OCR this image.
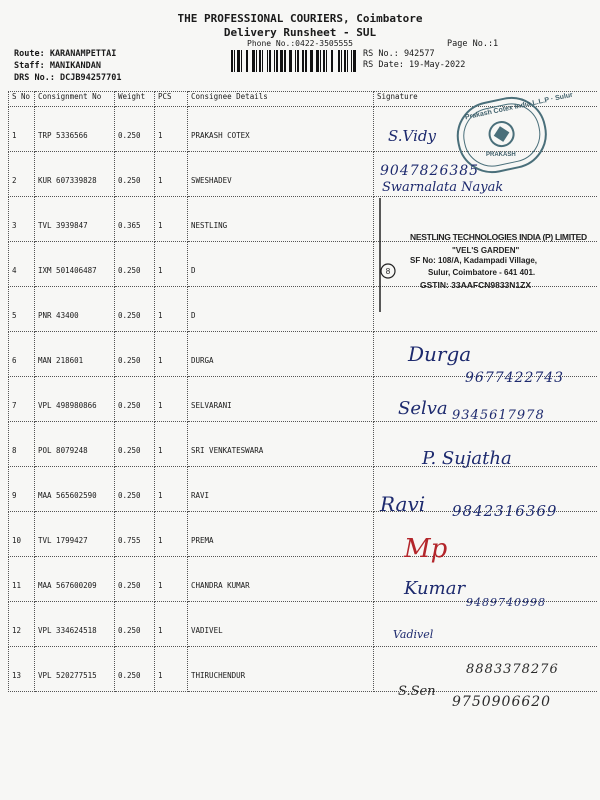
THE PROFESSIONAL COURIERS, Coimbatore
Delivery Runsheet - SUL
Phone No.:0422-3505555	Page No.:1
Route: KARANAMPETTAI
Staff: MANIKANDAN
DRS No.: DCJB94257701
RS No.: 942577
RS Date: 19-May-2022
S No	Consignment No	Weight	PCS	Consignee Details	Signature
1	TRP 5336566	0.250	1	PRAKASH COTEX	
2	KUR 607339828	0.250	1	SWESHADEV	
3	TVL 3939847	0.365	1	NESTLING	
4	IXM 501406487	0.250	1	D	
5	PNR 43400	0.250	1	D	
6	MAN 218601	0.250	1	DURGA	
7	VPL 498980866	0.250	1	SELVARANI	
8	POL 8079248	0.250	1	SRI VENKATESWARA	
9	MAA 565602590	0.250	1	RAVI	
10	TVL 1799427	0.755	1	PREMA	
11	MAA 567600209	0.250	1	CHANDRA KUMAR	
12	VPL 334624518	0.250	1	VADIVEL	
13	VPL 520277515	0.250	1	THIRUCHENDUR	
Prakash Cotex India L.L.P · Sulur
PRAKASH
S.Vidy
9047826385
Swarnalata Nayak
8
NESTLING TECHNOLOGIES INDIA (P) LIMITED
"VEL'S GARDEN"
SF No: 108/A, Kadampadi Village,
Sulur, Coimbatore - 641 401.
GSTIN: 33AAFCN9833N1ZX
Durga
9677422743
Selva 9345617978
P. Sujatha
Ravi 9842316369
Mp
Kumar
9489740998
Vadivel
8883378276
S.Sen
9750906620
